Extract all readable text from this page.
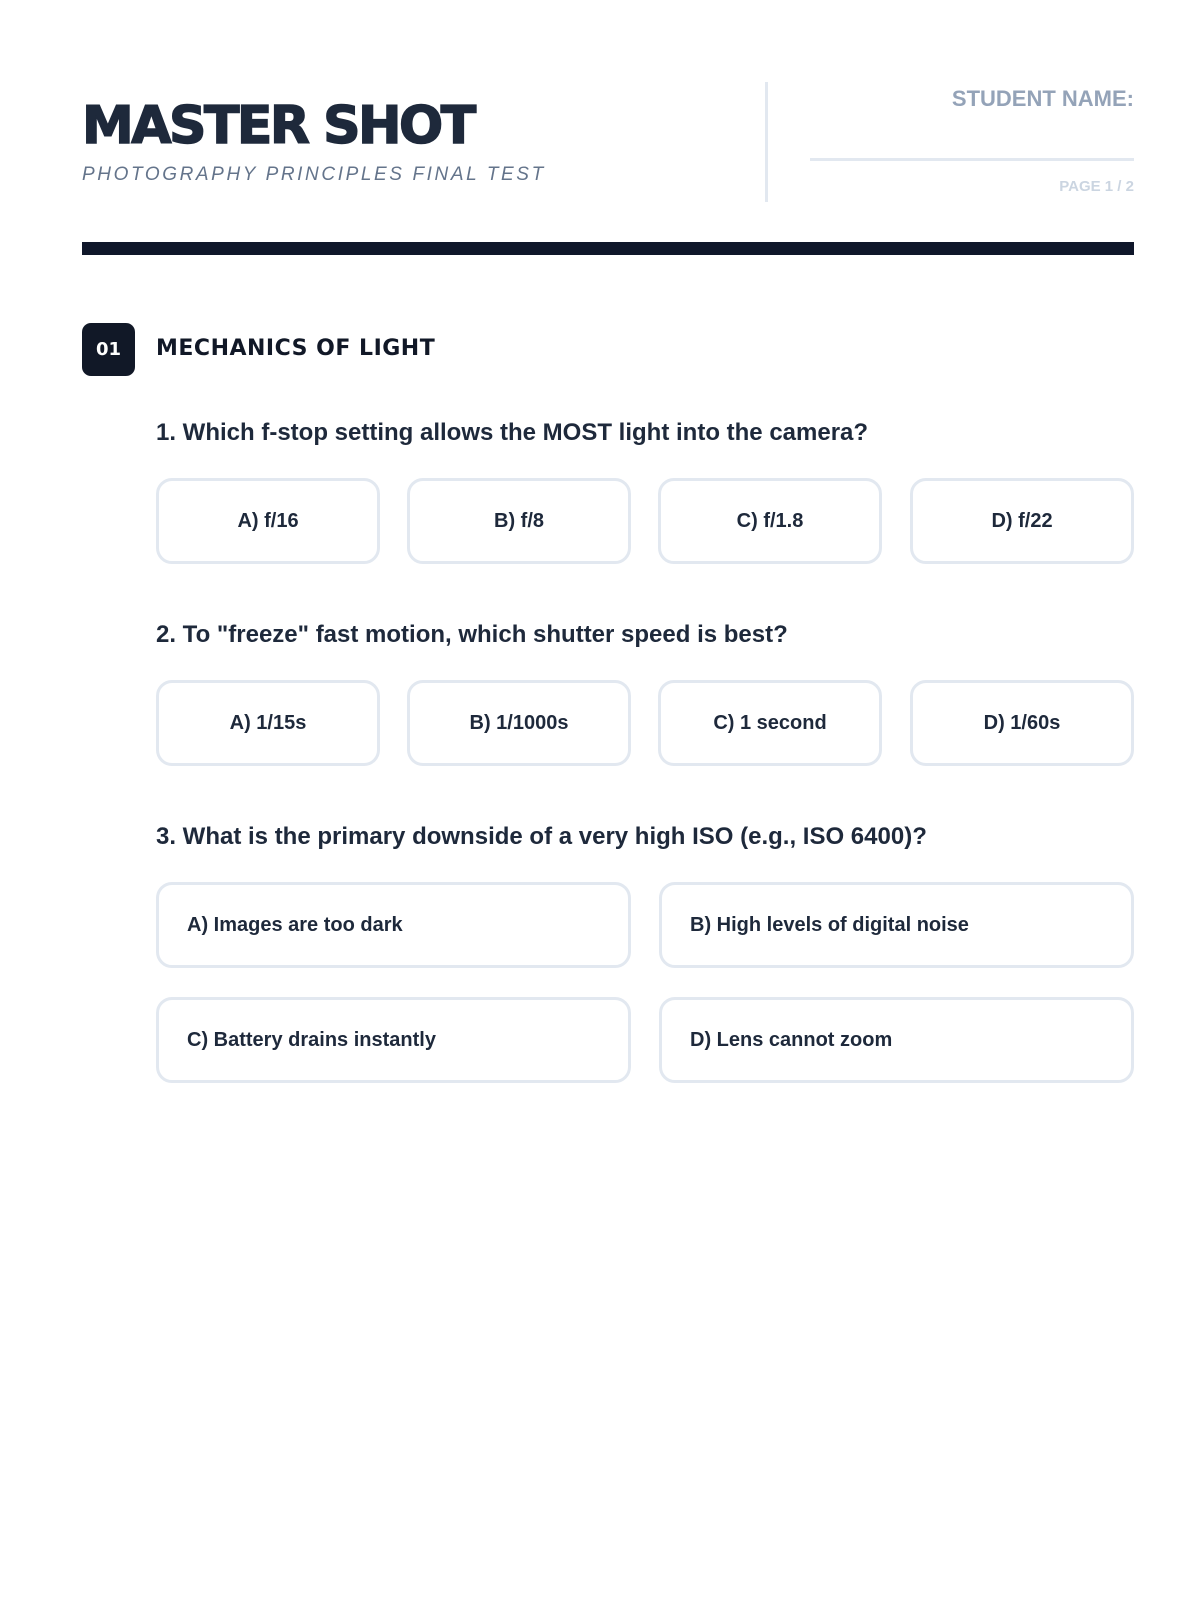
MASTER SHOT
PHOTOGRAPHY PRINCIPLES FINAL TEST
STUDENT NAME:
PAGE 1 / 2
01	MECHANICS OF LIGHT
1. Which f-stop setting allows the MOST light into the camera?
A) f/16	B) f/8	C) f/1.8	D) f/22
2. To "freeze" fast motion, which shutter speed is best?
A) 1/15s	B) 1/1000s	C) 1 second	D) 1/60s
3. What is the primary downside of a very high ISO (e.g., ISO 6400)?
A) Images are too dark	B) High levels of digital noise
C) Battery drains instantly	D) Lens cannot zoom
